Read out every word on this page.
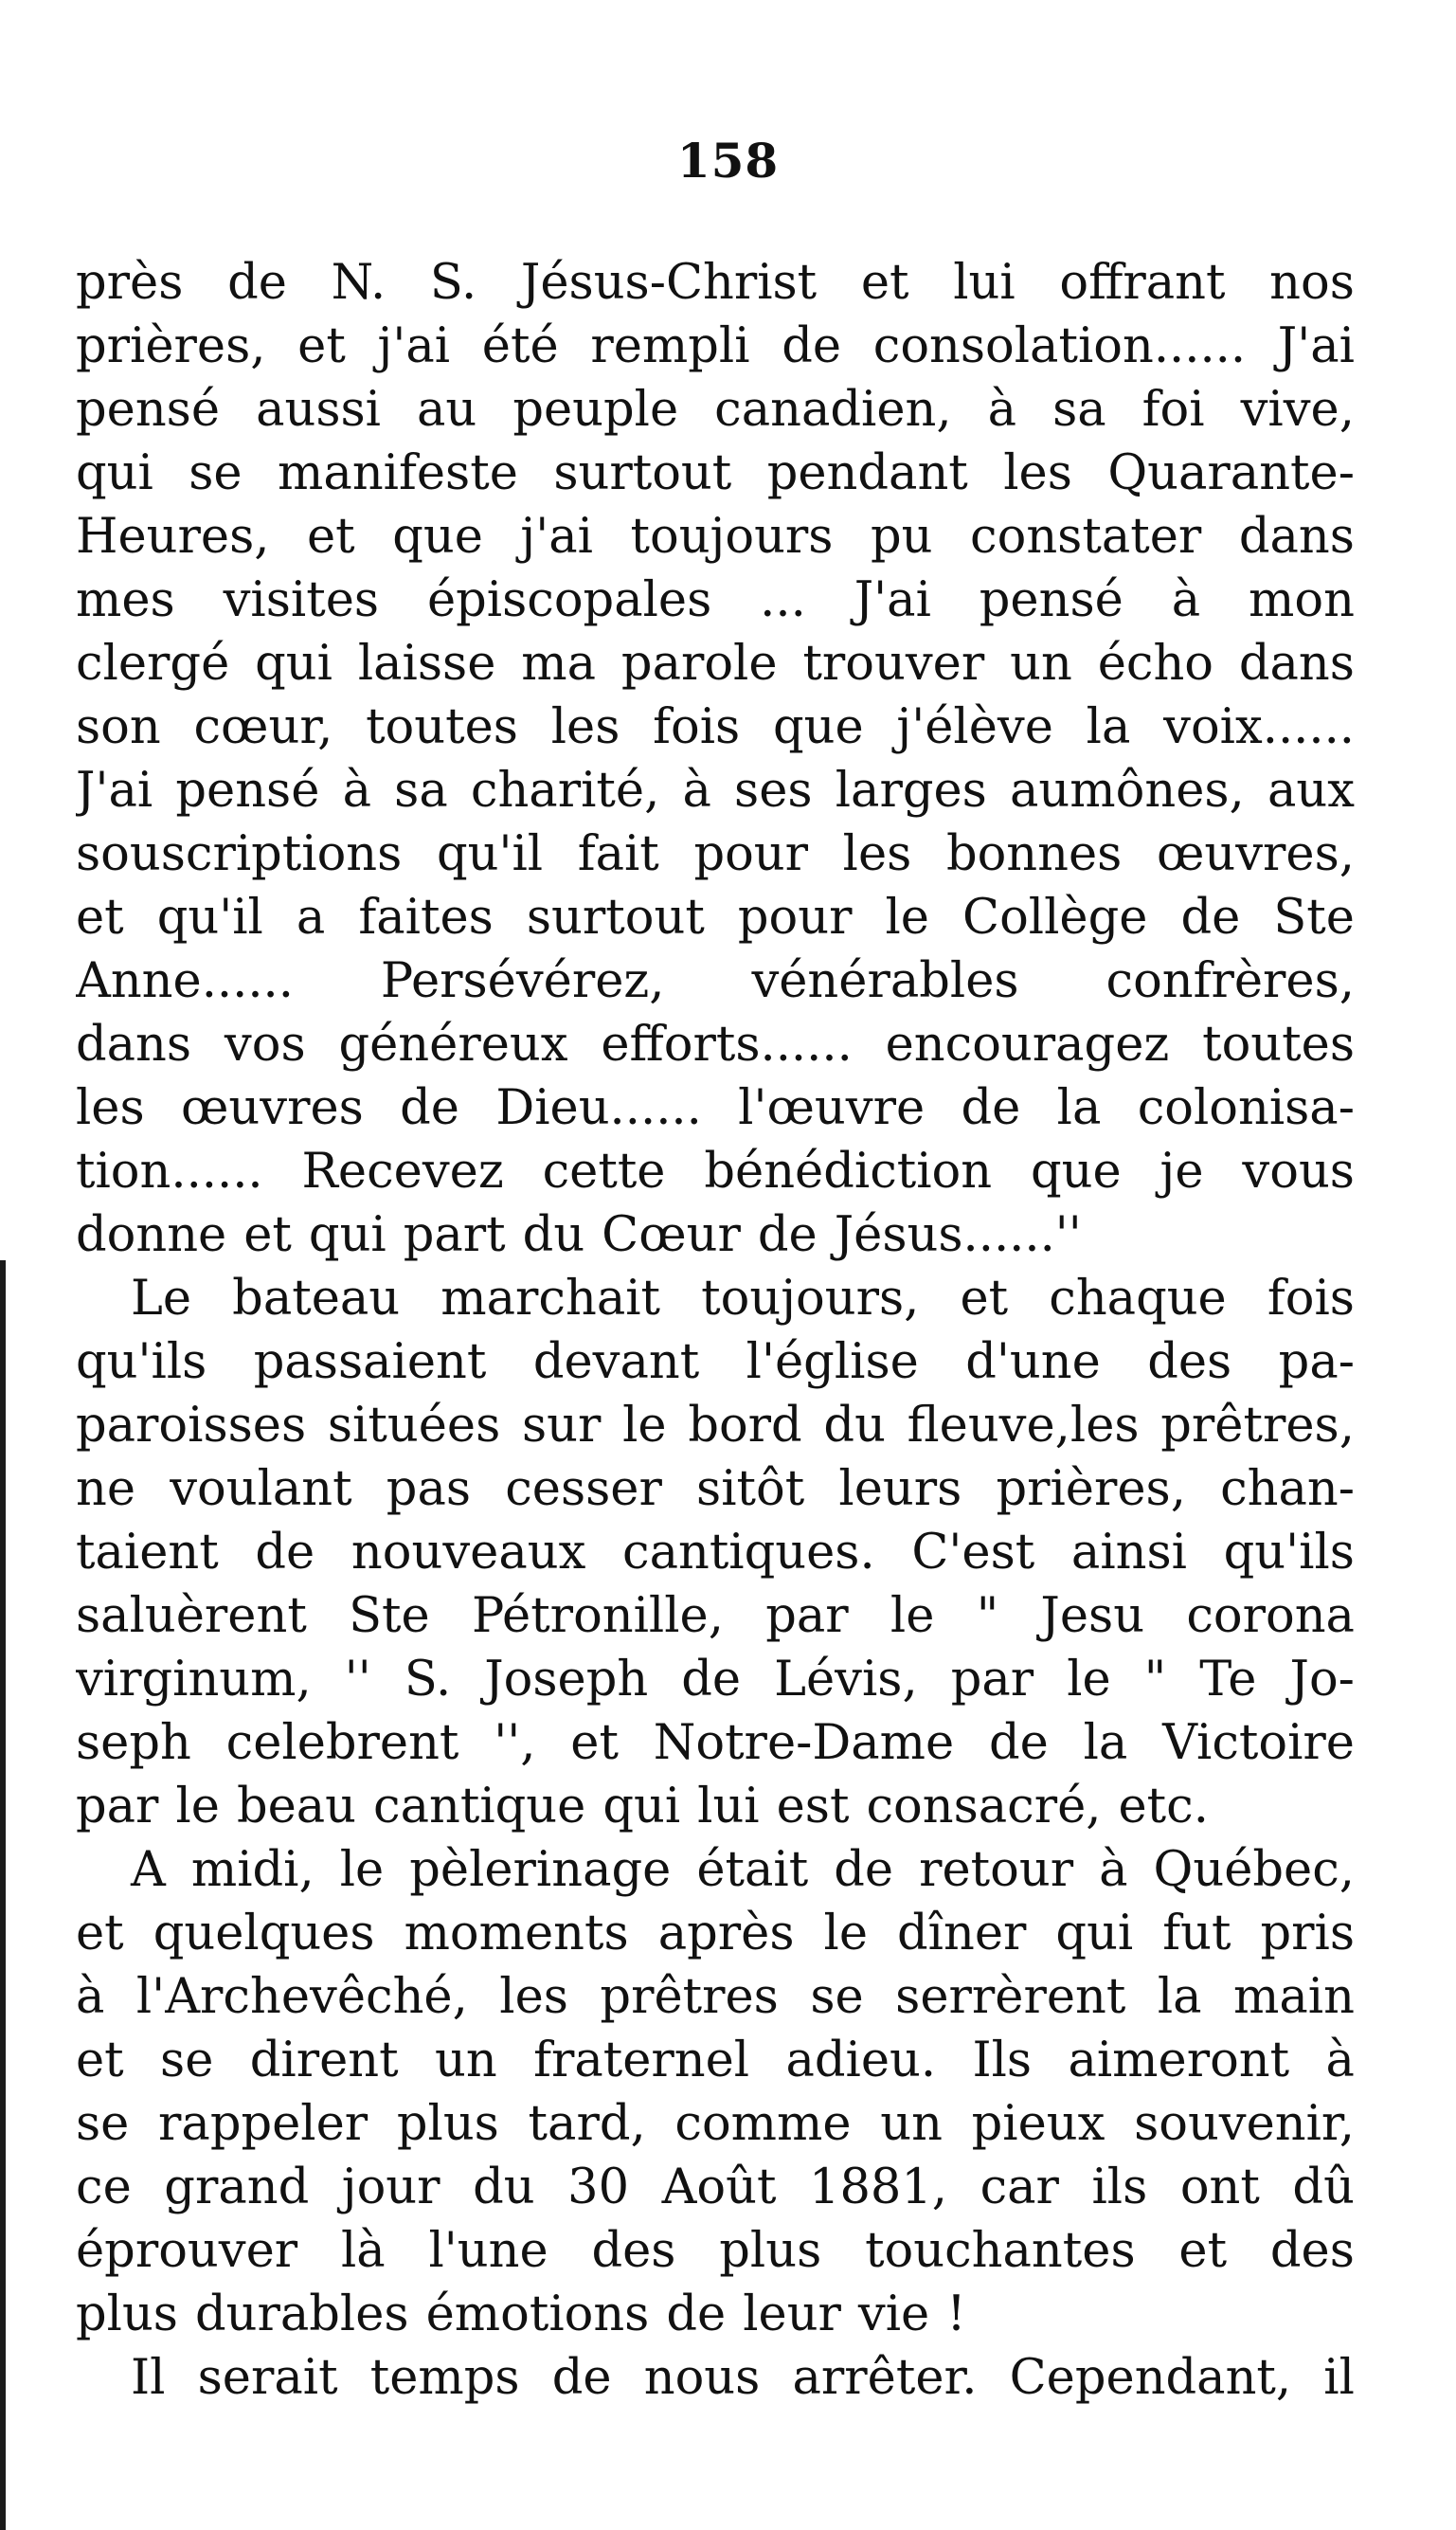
158
près de N. S. Jésus-Christ et lui offrant nos
prières, et j'ai été rempli de consolation...... J'ai
pensé aussi au peuple canadien, à sa foi vive,
qui se manifeste surtout pendant les Quarante-
Heures, et que j'ai toujours pu constater dans
mes visites épiscopales ... J'ai pensé à mon
clergé qui laisse ma parole trouver un écho dans
son cœur, toutes les fois que j'élève la voix......
J'ai pensé à sa charité, à ses larges aumônes, aux
souscriptions qu'il fait pour les bonnes œuvres,
et qu'il a faites surtout pour le Collège de Ste
Anne...... Persévérez, vénérables confrères,
dans vos généreux efforts...... encouragez toutes
les œuvres de Dieu...... l'œuvre de la colonisa-
tion...... Recevez cette bénédiction que je vous
donne et qui part du Cœur de Jésus......''
Le bateau marchait toujours, et chaque fois
qu'ils passaient devant l'église d'une des pa-
paroisses situées sur le bord du fleuve,les prêtres,
ne voulant pas cesser sitôt leurs prières, chan-
taient de nouveaux cantiques. C'est ainsi qu'ils
saluèrent Ste Pétronille, par le " Jesu corona
virginum, '' S. Joseph de Lévis, par le " Te Jo-
seph celebrent '', et Notre-Dame de la Victoire
par le beau cantique qui lui est consacré, etc.
A midi, le pèlerinage était de retour à Québec,
et quelques moments après le dîner qui fut pris
à l'Archevêché, les prêtres se serrèrent la main
et se dirent un fraternel adieu. Ils aimeront à
se rappeler plus tard, comme un pieux souvenir,
ce grand jour du 30 Août 1881, car ils ont dû
éprouver là l'une des plus touchantes et des
plus durables émotions de leur vie !
Il serait temps de nous arrêter. Cependant, il
